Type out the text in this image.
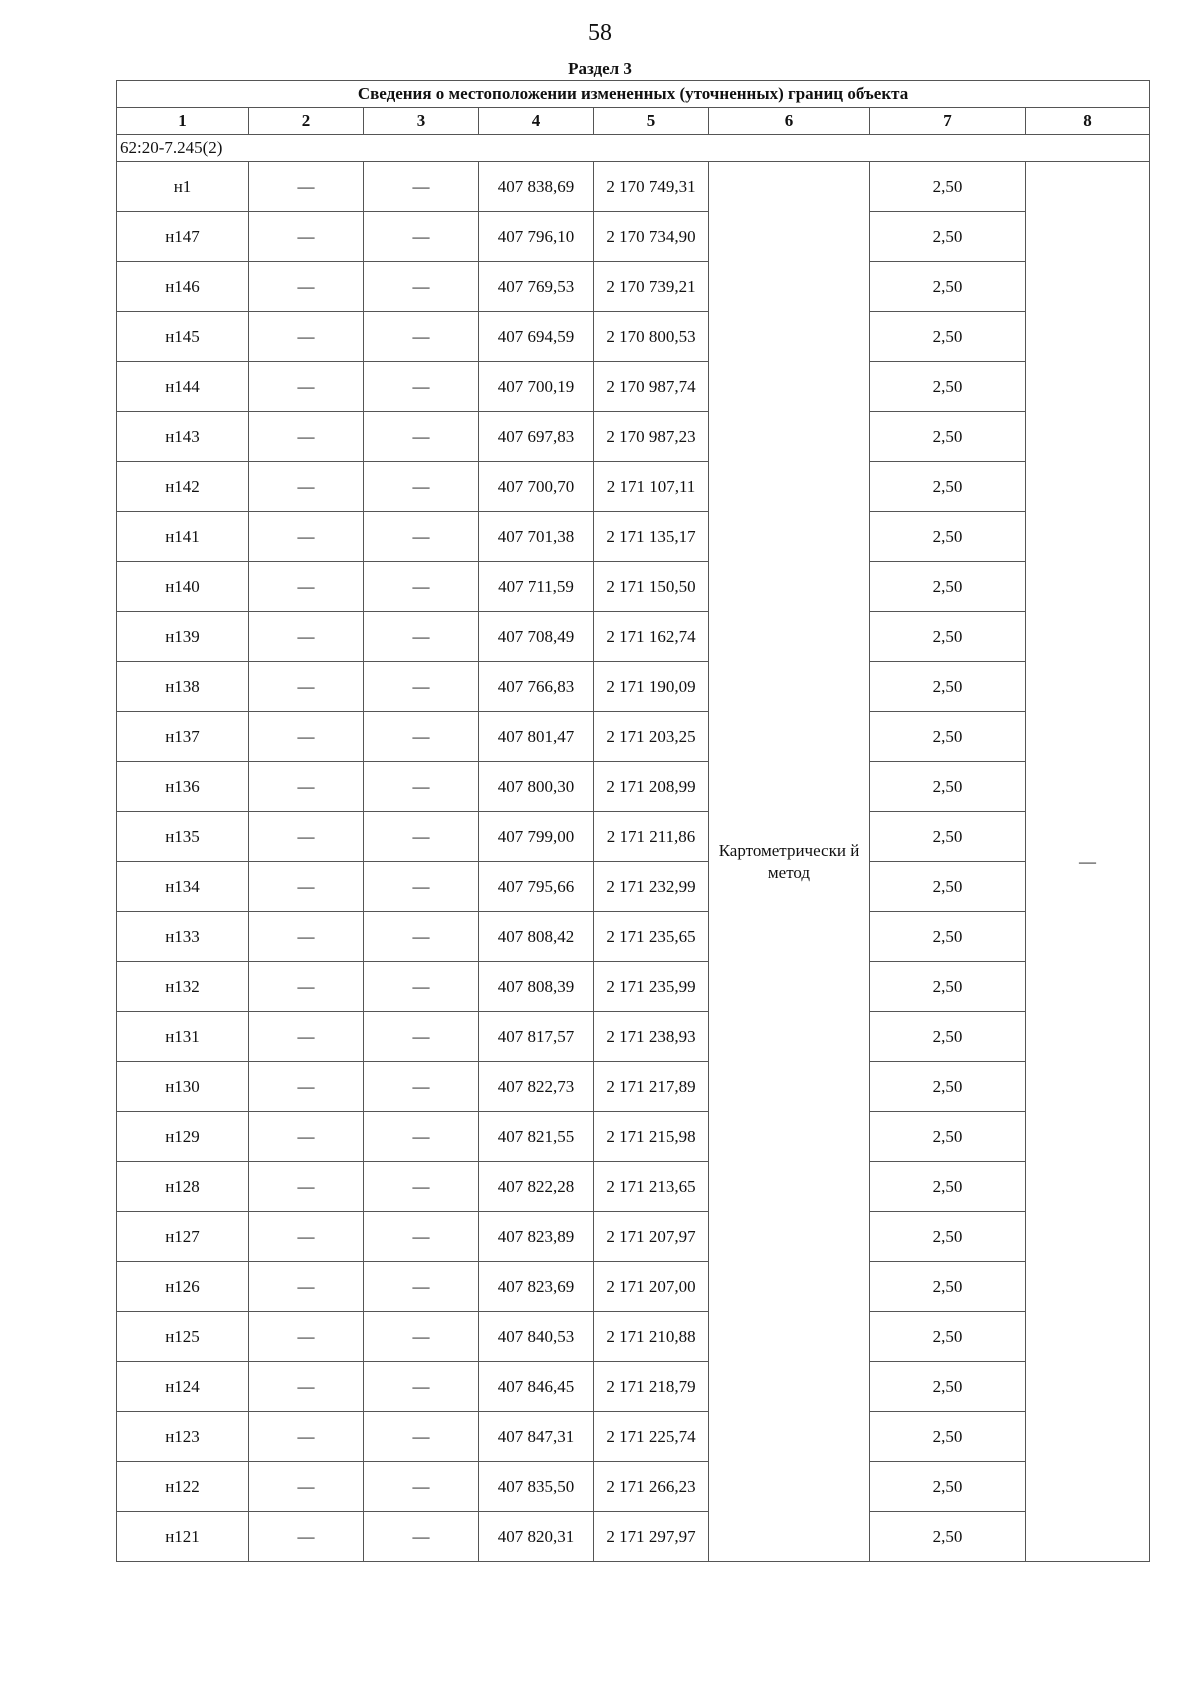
58
Раздел 3
Сведения о местоположении измененных (уточненных) границ объекта							
1	2	3	4	5	6	7	8
62:20-7.245(2)							
н1	—	—	407 838,69	2 170 749,31	Картометрически й метод	2,50	—
н147	—	—	407 796,10	2 170 734,90		2,50	
н146	—	—	407 769,53	2 170 739,21		2,50	
н145	—	—	407 694,59	2 170 800,53		2,50	
н144	—	—	407 700,19	2 170 987,74		2,50	
н143	—	—	407 697,83	2 170 987,23		2,50	
н142	—	—	407 700,70	2 171 107,11		2,50	
н141	—	—	407 701,38	2 171 135,17		2,50	
н140	—	—	407 711,59	2 171 150,50		2,50	
н139	—	—	407 708,49	2 171 162,74		2,50	
н138	—	—	407 766,83	2 171 190,09		2,50	
н137	—	—	407 801,47	2 171 203,25		2,50	
н136	—	—	407 800,30	2 171 208,99		2,50	
н135	—	—	407 799,00	2 171 211,86		2,50	
н134	—	—	407 795,66	2 171 232,99		2,50	
н133	—	—	407 808,42	2 171 235,65		2,50	
н132	—	—	407 808,39	2 171 235,99		2,50	
н131	—	—	407 817,57	2 171 238,93		2,50	
н130	—	—	407 822,73	2 171 217,89		2,50	
н129	—	—	407 821,55	2 171 215,98		2,50	
н128	—	—	407 822,28	2 171 213,65		2,50	
н127	—	—	407 823,89	2 171 207,97		2,50	
н126	—	—	407 823,69	2 171 207,00		2,50	
н125	—	—	407 840,53	2 171 210,88		2,50	
н124	—	—	407 846,45	2 171 218,79		2,50	
н123	—	—	407 847,31	2 171 225,74		2,50	
н122	—	—	407 835,50	2 171 266,23		2,50	
н121	—	—	407 820,31	2 171 297,97		2,50	
